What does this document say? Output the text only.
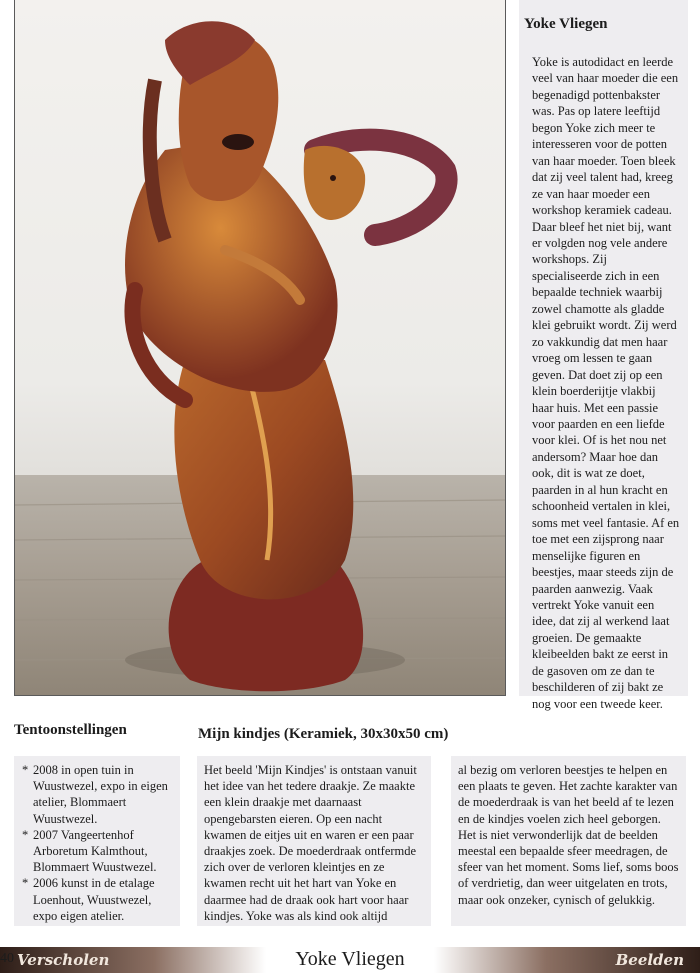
Yoke Vliegen

Yoke is autodidact en leerde veel van haar moeder die een begenadigd pottenbakster was. Pas op latere leeftijd begon Yoke zich meer te interesseren voor de potten van haar moeder. Toen bleek dat zij veel talent had, kreeg ze van haar moeder een workshop keramiek cadeau. Daar bleef het niet bij, want er volgden nog vele andere workshops. Zij specialiseerde zich in een bepaalde techniek waarbij zowel chamotte als gladde klei gebruikt wordt. Zij werd zo vakkundig dat men haar vroeg om lessen te gaan geven. Dat doet zij op een klein boerderijtje vlakbij haar huis. Met een passie voor paarden en een liefde voor klei. Of is het nou net andersom? Maar hoe dan ook, dit is wat ze doet, paarden in al hun kracht en schoonheid vertalen in klei, soms met veel fantasie. Af en toe met een zijsprong naar menselijke figuren en beestjes, maar steeds zijn de paarden aanwezig. Vaak vertrekt Yoke vanuit een idee, dat zij al werkend laat groeien. De gemaakte kleibeelden bakt ze eerst in de gasoven om ze dan te beschilderen of zij bakt ze nog voor een tweede keer.

Tentoonstellingen
* 2008 in open tuin in Wuustwezel, expo in eigen atelier, Blommaert Wuustwezel.
* 2007 Vangeertenhof Arboretum Kalmthout, Blommaert Wuustwezel.
* 2006 kunst in de etalage Loenhout, Wuustwezel, expo eigen atelier.
Mijn kindjes (Keramiek, 30x30x50 cm)

Het beeld 'Mijn Kindjes' is ontstaan vanuit het idee van het tedere draakje. Ze maakte een klein draakje met daarnaast opengebarsten eieren. Op een nacht kwamen de eitjes uit en waren er een paar draakjes zoek. De moederdraak ontfermde zich over de verloren kleintjes en ze kwamen recht uit het hart van Yoke en daarmee had de draak ook hart voor haar kindjes. Yoke was als kind ook altijd

al bezig om verloren beestjes te helpen en een plaats te geven. Het zachte karakter van de moederdraak is van het beeld af te lezen en de kindjes voelen zich heel geborgen. Het is niet verwonderlijk dat de beelden meestal een bepaalde sfeer meedragen, de sfeer van het moment. Soms lief, soms boos of verdrietig, dan weer uitgelaten en trots, maar ook onzeker, cynisch of gelukkig.

40 Verscholen	Yoke Vliegen	Beelden
